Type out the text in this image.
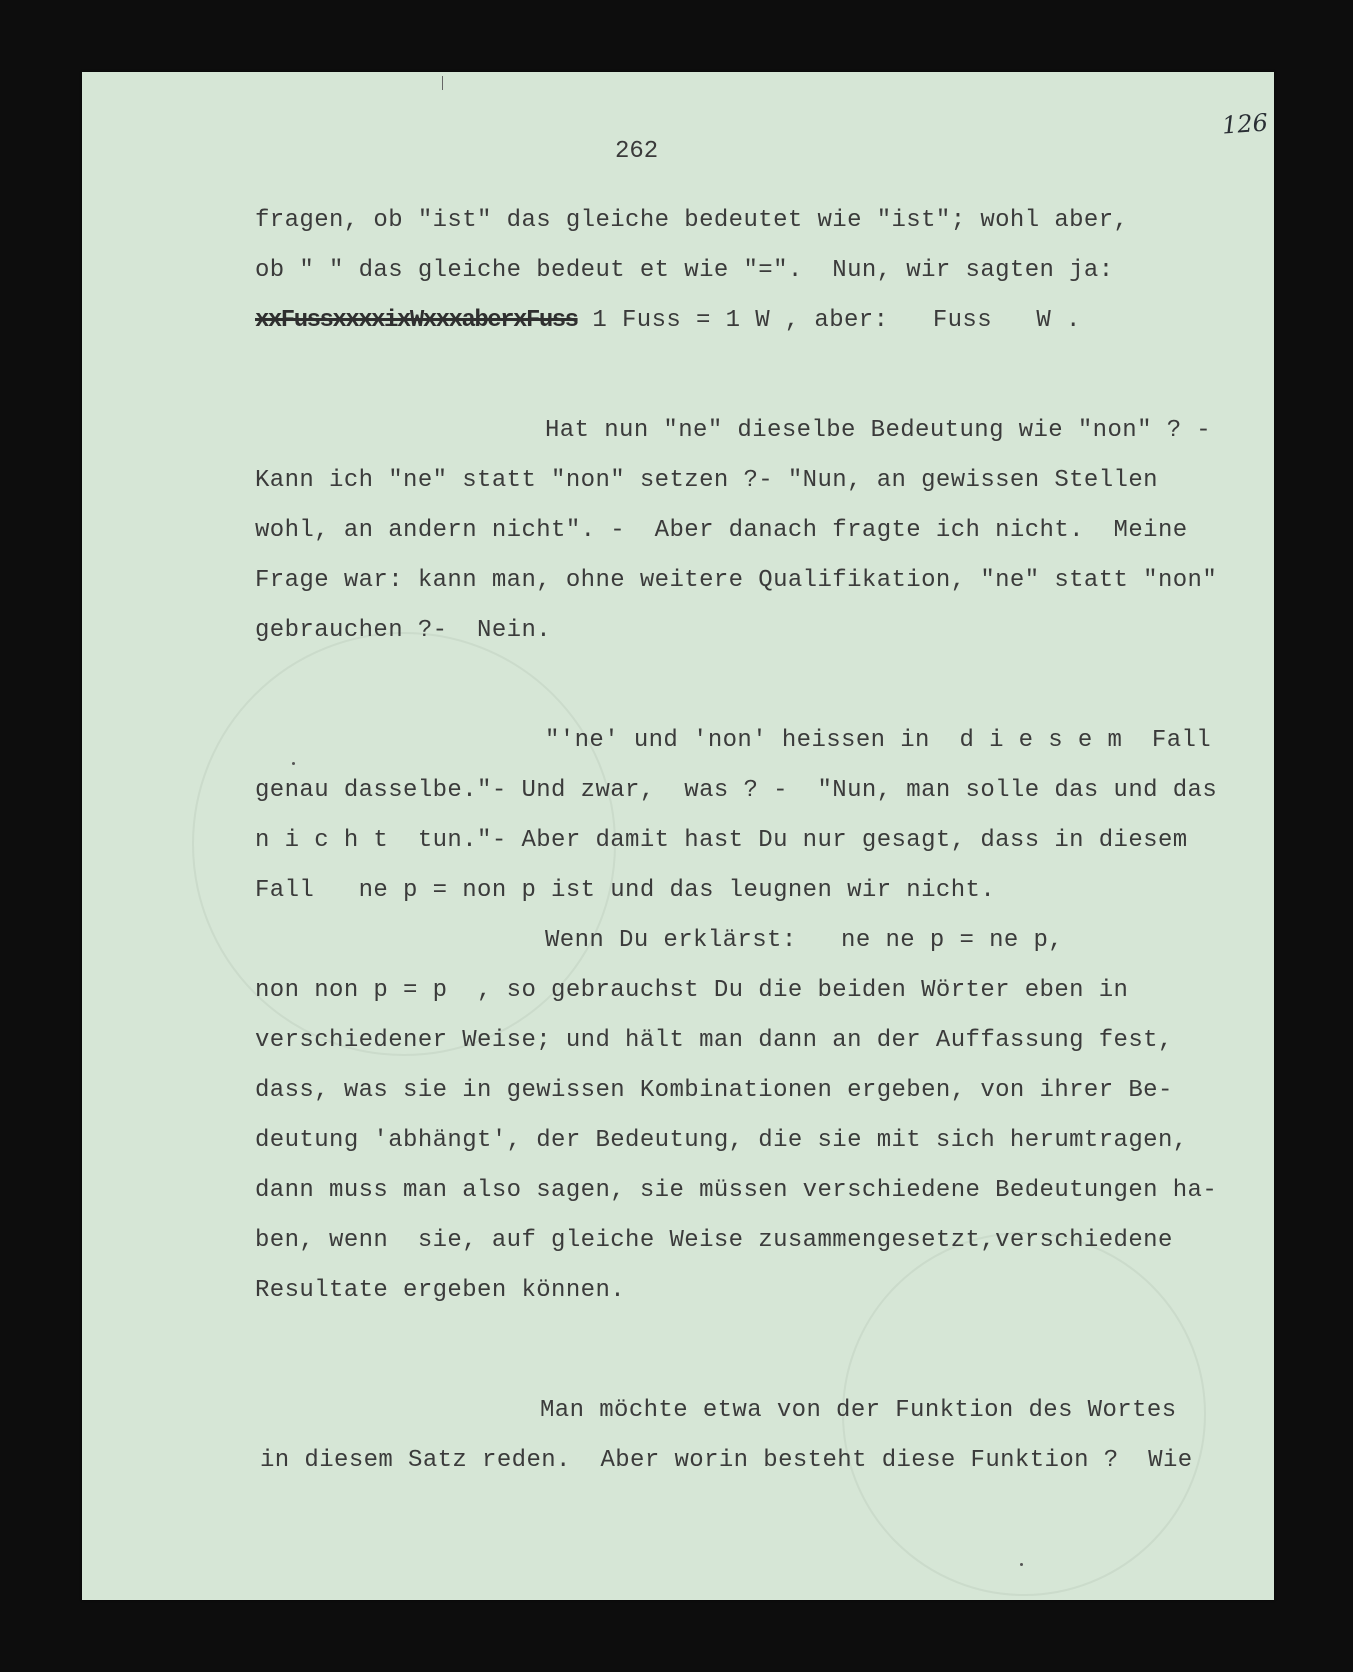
126
262
fragen, ob "ist" das gleiche bedeutet wie "ist"; wohl aber,
ob " " das gleiche bedeut et wie "=".  Nun, wir sagten ja:
xxFussxxxxixWxxxaberxFuss 1 Fuss = 1 W , aber:   Fuss   W .
Hat nun "ne" dieselbe Bedeutung wie "non" ? -
Kann ich "ne" statt "non" setzen ?- "Nun, an gewissen Stellen
wohl, an andern nicht". -  Aber danach fragte ich nicht.  Meine
Frage war: kann man, ohne weitere Qualifikation, "ne" statt "non"
gebrauchen ?-  Nein.
"'ne' und 'non' heissen in  d i e s e m  Fall
genau dasselbe."- Und zwar,  was ? -  "Nun, man solle das und das
n i c h t  tun."- Aber damit hast Du nur gesagt, dass in diesem
Fall   ne p = non p ist und das leugnen wir nicht.
Wenn Du erklärst:   ne ne p = ne p,
non non p = p  , so gebrauchst Du die beiden Wörter eben in
verschiedener Weise; und hält man dann an der Auffassung fest,
dass, was sie in gewissen Kombinationen ergeben, von ihrer Be-
deutung 'abhängt', der Bedeutung, die sie mit sich herumtragen,
dann muss man also sagen, sie müssen verschiedene Bedeutungen ha-
ben, wenn  sie, auf gleiche Weise zusammengesetzt,verschiedene
Resultate ergeben können.
Man möchte etwa von der Funktion des Wortes
in diesem Satz reden.  Aber worin besteht diese Funktion ?  Wie
